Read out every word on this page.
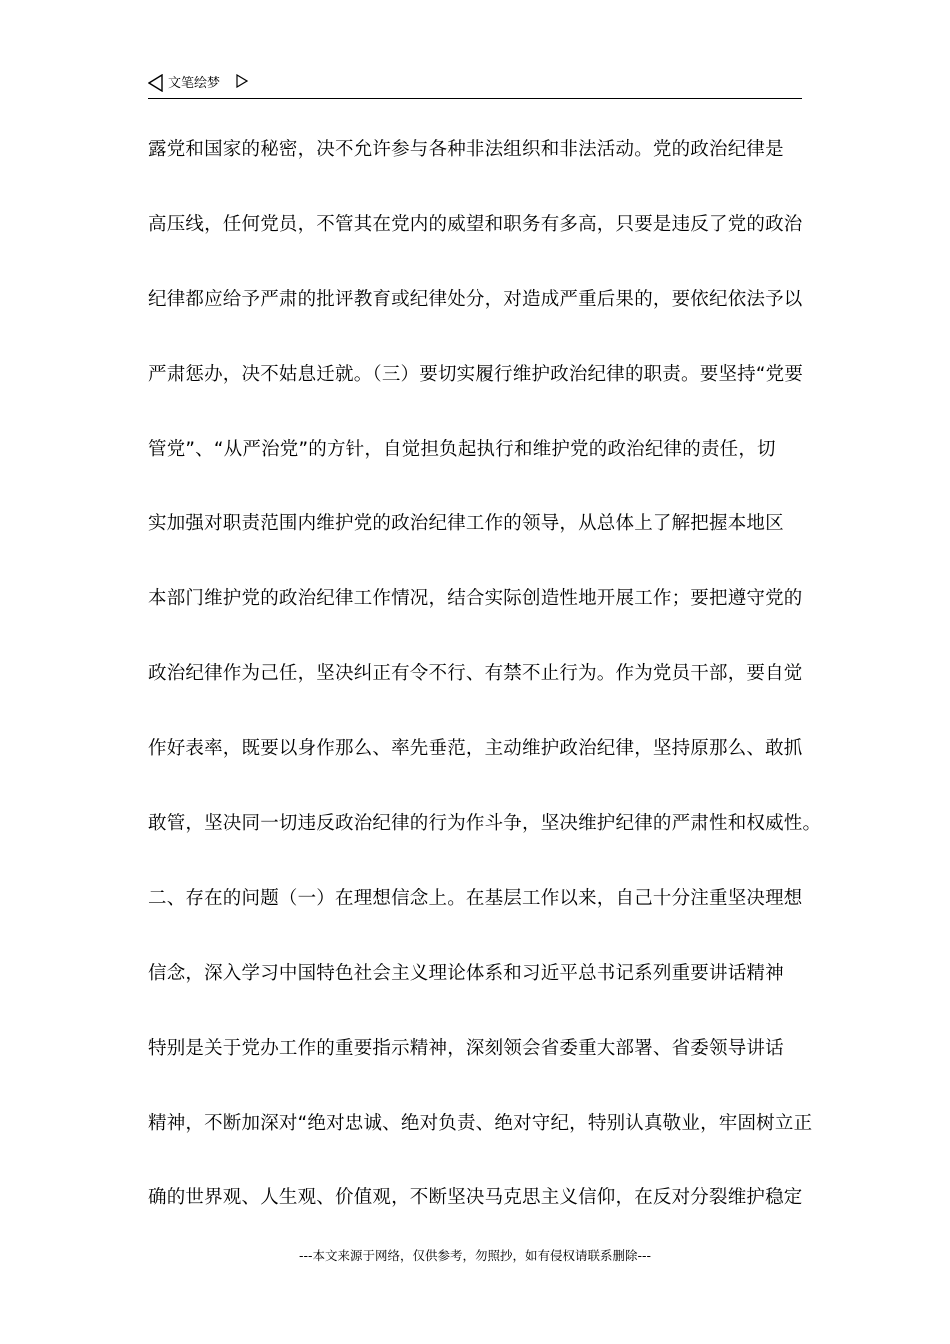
文笔绘梦
露党和国家的秘密，决不允许参与各种非法组织和非法活动。党的政治纪律是
高压线，任何党员，不管其在党内的威望和职务有多高，只要是违反了党的政治
纪律都应给予严肃的批评教育或纪律处分，对造成严重后果的，要依纪依法予以
严肃惩办，决不姑息迁就。（三）要切实履行维护政治纪律的职责。要坚持“党要
管党”、“从严治党”的方针，自觉担负起执行和维护党的政治纪律的责任，切
实加强对职责范围内维护党的政治纪律工作的领导，从总体上了解把握本地区
本部门维护党的政治纪律工作情况，结合实际创造性地开展工作；要把遵守党的
政治纪律作为己任，坚决纠正有令不行、有禁不止行为。作为党员干部，要自觉
作好表率，既要以身作那么、率先垂范，主动维护政治纪律，坚持原那么、敢抓
敢管，坚决同一切违反政治纪律的行为作斗争，坚决维护纪律的严肃性和权威性。
二、存在的问题（一）在理想信念上。在基层工作以来，自己十分注重坚决理想
信念，深入学习中国特色社会主义理论体系和习近平总书记系列重要讲话精神
特别是关于党办工作的重要指示精神，深刻领会省委重大部署、省委领导讲话
精神，不断加深对“绝对忠诚、绝对负责、绝对守纪，特别认真敬业，牢固树立正
确的世界观、人生观、价值观，不断坚决马克思主义信仰，在反对分裂维护稳定
---本文来源于网络，仅供参考，勿照抄，如有侵权请联系删除---
